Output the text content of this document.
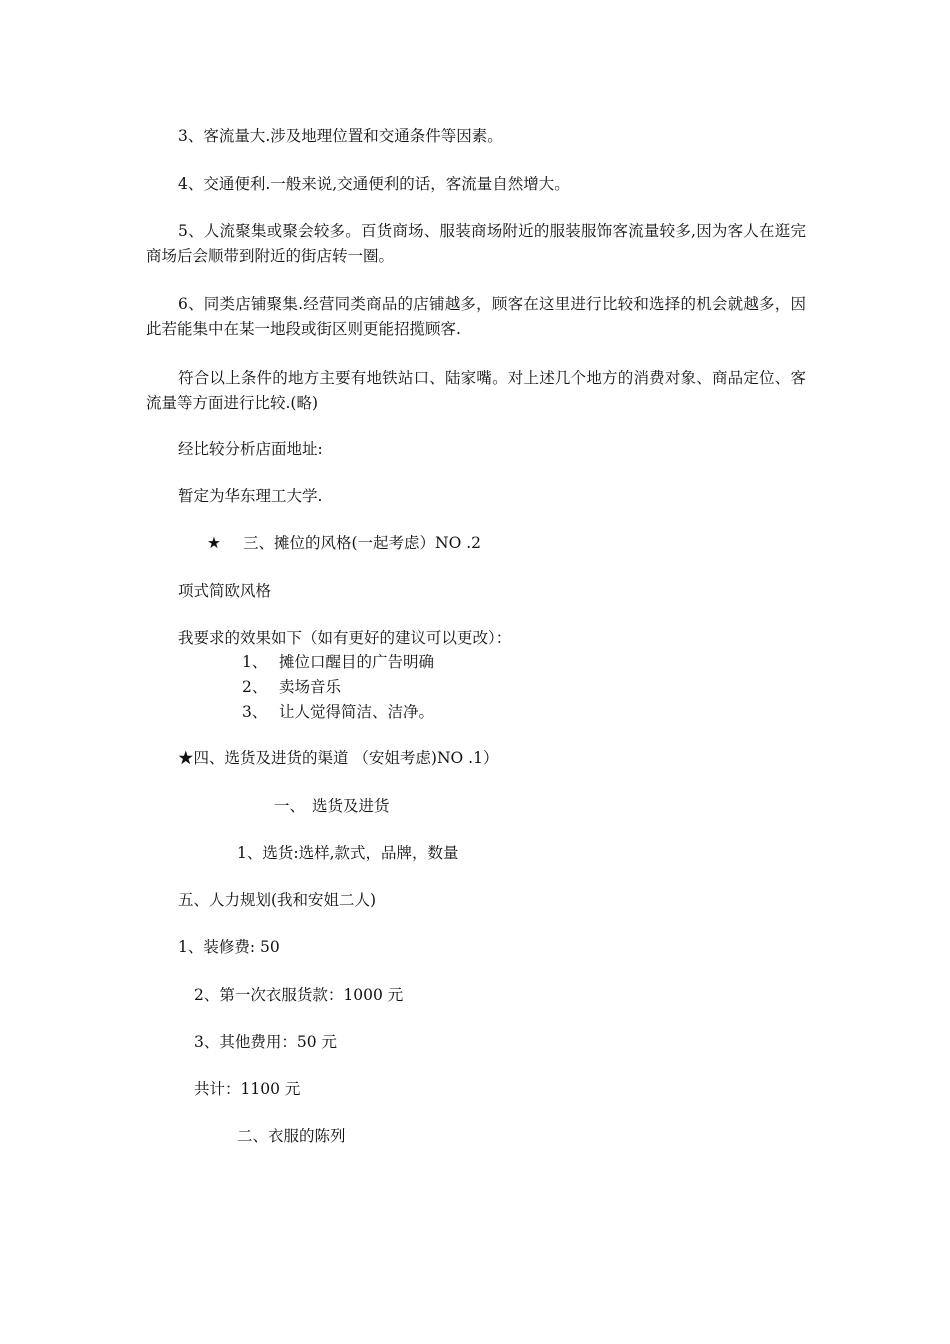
3、客流量大.涉及地理位置和交通条件等因素。
4、交通便利.一般来说,交通便利的话，客流量自然增大。
5、人流聚集或聚会较多。百货商场、服装商场附近的服装服饰客流量较多,因为客人在逛完商场后会顺带到附近的街店转一圈。
6、同类店铺聚集.经营同类商品的店铺越多，顾客在这里进行比较和选择的机会就越多，因此若能集中在某一地段或街区则更能招揽顾客.
符合以上条件的地方主要有地铁站口、陆家嘴。对上述几个地方的消费对象、商品定位、客流量等方面进行比较.(略)
经比较分析店面地址:
暂定为华东理工大学.
★ 三、摊位的风格(一起考虑）NO .2
项式简欧风格
我要求的效果如下（如有更好的建议可以更改）：
1、 摊位口醒目的广告明确
2、 卖场音乐
3、 让人觉得简洁、洁净。
★四、选货及进货的渠道 （安姐考虑)NO .1）
一、 选货及进货
1、选货:选样,款式，品牌，数量
五、人力规划(我和安姐二人)
1、装修费: 50
2、第一次衣服货款：1000 元
3、其他费用：50 元
共计：1100 元
二、衣服的陈列
